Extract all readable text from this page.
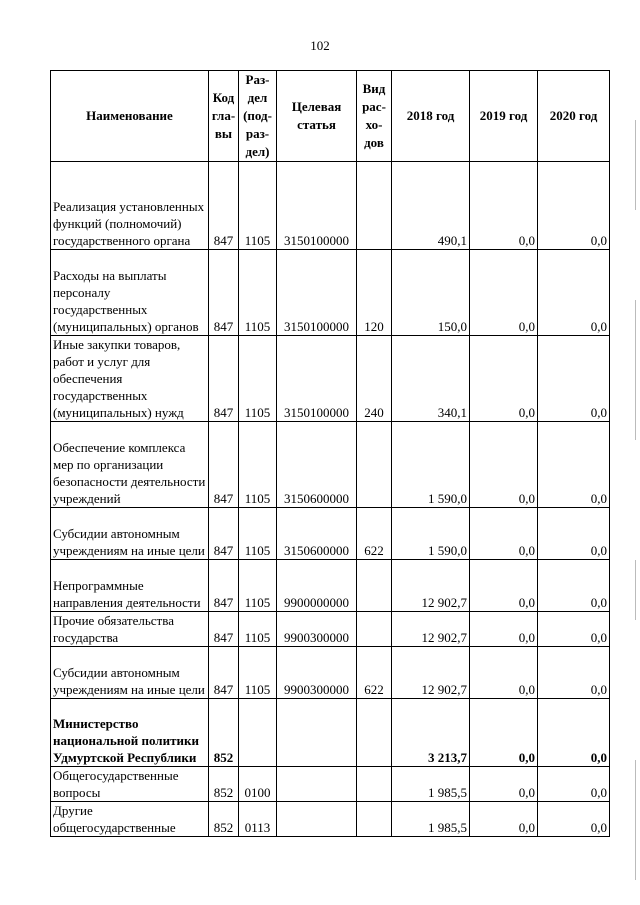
102
Наименование	Код гла- вы	Раз- дел (под- раз- дел)	Целевая статья	Вид рас- хо- дов	2018 год	2019 год	2020 год
Реализация установленных функций (полномочий) государственного органа	847	1105	3150100000		490,1	0,0	0,0
Расходы на выплаты персоналу государственных (муниципальных) органов	847	1105	3150100000	120	150,0	0,0	0,0
Иные закупки товаров, работ и услуг для обеспечения государственных (муниципальных) нужд	847	1105	3150100000	240	340,1	0,0	0,0
Обеспечение комплекса мер по организации безопасности деятельности учреждений	847	1105	3150600000		1 590,0	0,0	0,0
Субсидии автономным учреждениям на иные цели	847	1105	3150600000	622	1 590,0	0,0	0,0
Непрограммные направления деятельности	847	1105	9900000000		12 902,7	0,0	0,0
Прочие обязательства государства	847	1105	9900300000		12 902,7	0,0	0,0
Субсидии автономным учреждениям на иные цели	847	1105	9900300000	622	12 902,7	0,0	0,0
Министерство национальной политики Удмуртской Республики	852				3 213,7	0,0	0,0
Общегосударственные вопросы	852	0100			1 985,5	0,0	0,0
Другие общегосударственные	852	0113			1 985,5	0,0	0,0
